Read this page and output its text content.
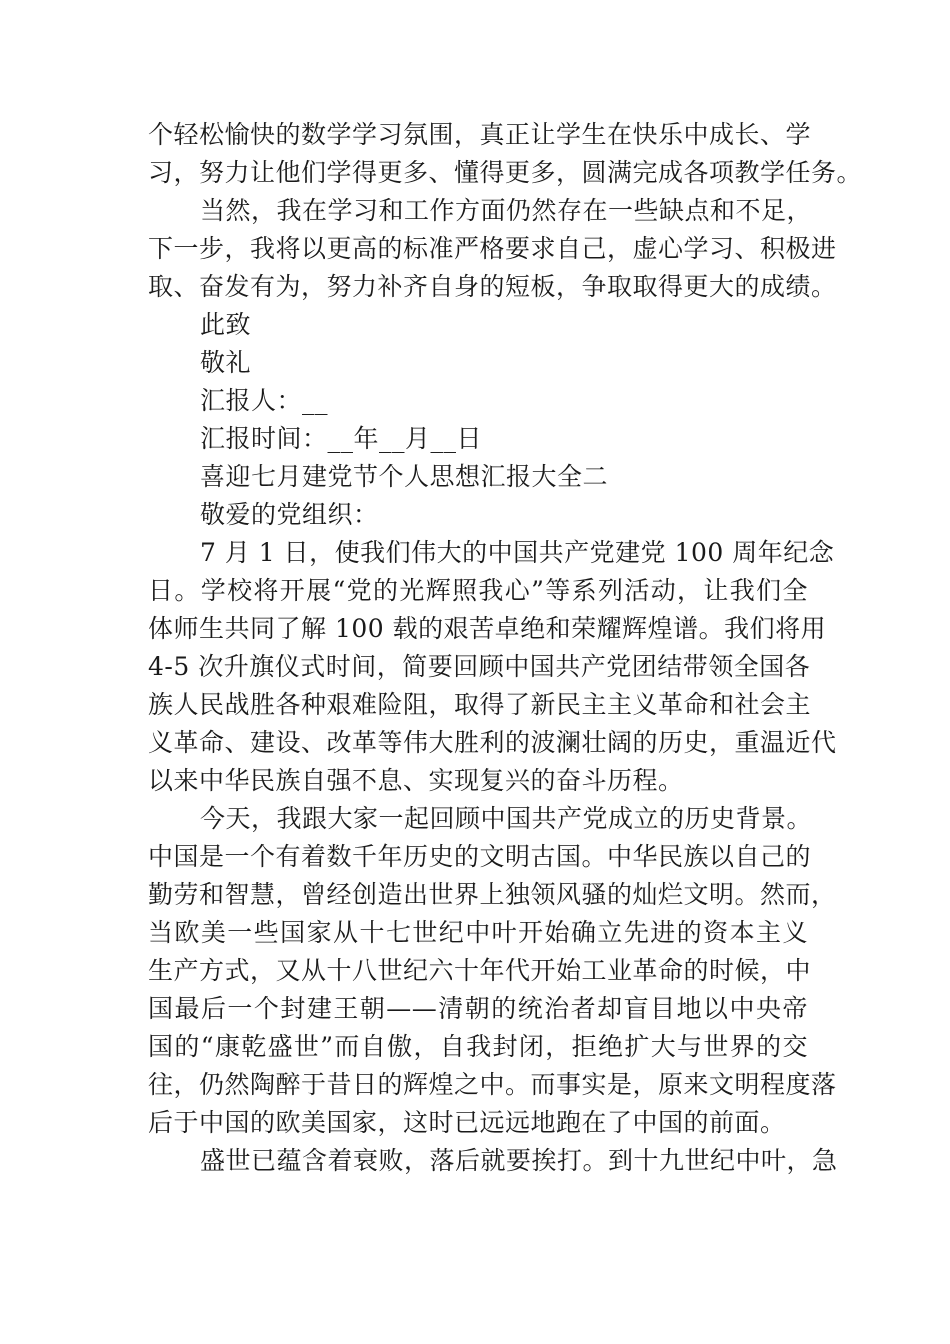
个轻松愉快的数学学习氛围，真正让学生在快乐中成长、学
习，努力让他们学得更多、懂得更多，圆满完成各项教学任务。
当然，我在学习和工作方面仍然存在一些缺点和不足，
下一步，我将以更高的标准严格要求自己，虚心学习、积极进
取、奋发有为，努力补齐自身的短板，争取取得更大的成绩。
此致
敬礼
汇报人：__
汇报时间：__年__月__日
喜迎七月建党节个人思想汇报大全二
敬爱的党组织：
7 月 1 日，使我们伟大的中国共产党建党 100 周年纪念
日。学校将开展“党的光辉照我心”等系列活动，让我们全
体师生共同了解 100 载的艰苦卓绝和荣耀辉煌谱。我们将用
4-5 次升旗仪式时间，简要回顾中国共产党团结带领全国各
族人民战胜各种艰难险阻，取得了新民主主义革命和社会主
义革命、建设、改革等伟大胜利的波澜壮阔的历史，重温近代
以来中华民族自强不息、实现复兴的奋斗历程。
今天，我跟大家一起回顾中国共产党成立的历史背景。
中国是一个有着数千年历史的文明古国。中华民族以自己的
勤劳和智慧，曾经创造出世界上独领风骚的灿烂文明。然而，
当欧美一些国家从十七世纪中叶开始确立先进的资本主义
生产方式，又从十八世纪六十年代开始工业革命的时候，中
国最后一个封建王朝——清朝的统治者却盲目地以中央帝
国的“康乾盛世”而自傲，自我封闭，拒绝扩大与世界的交
往，仍然陶醉于昔日的辉煌之中。而事实是，原来文明程度落
后于中国的欧美国家，这时已远远地跑在了中国的前面。
盛世已蕴含着衰败，落后就要挨打。到十九世纪中叶，急
